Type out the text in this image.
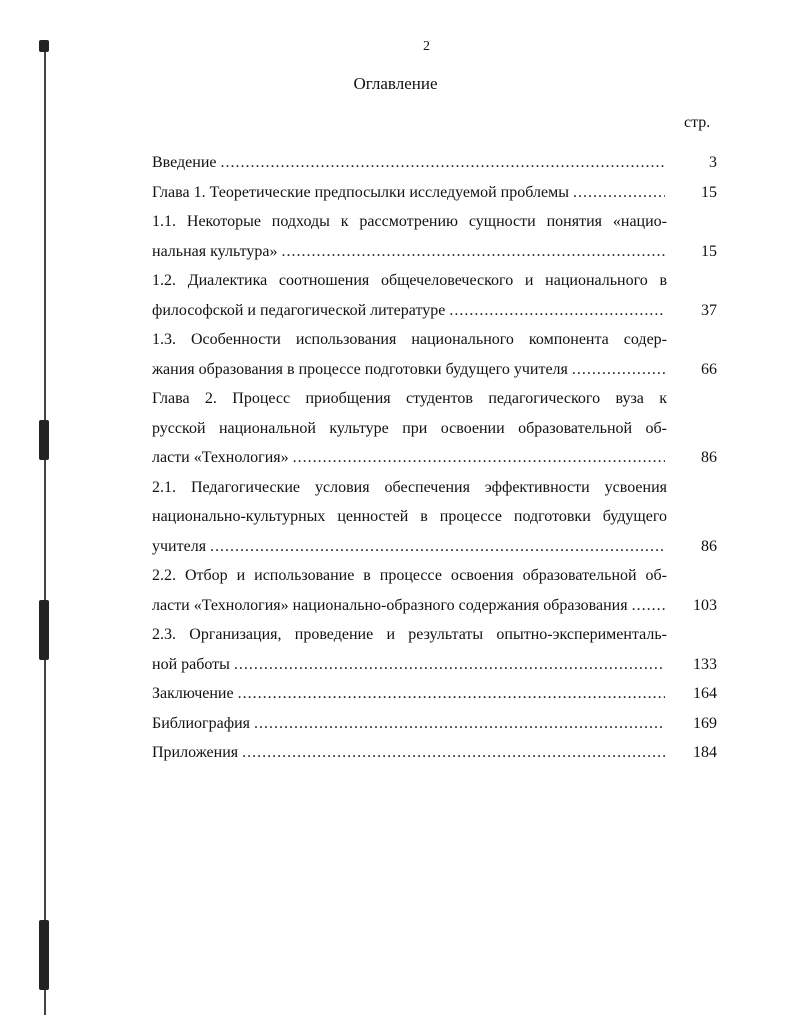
2
Оглавление
стр.
Введение .....	3
Глава 1. Теоретические предпосылки исследуемой проблемы .....	15
1.1. Некоторые подходы к рассмотрению сущности понятия «нацио-
нальная культура» .....	15
1.2. Диалектика соотношения общечеловеческого и национального в
философской и педагогической литературе .....	37
1.3. Особенности использования национального компонента содер-
жания образования в процессе подготовки будущего учителя .....	66
Глава 2. Процесс приобщения студентов педагогического вуза к
русской национальной культуре при освоении образовательной об-
ласти «Технология» .....	86
2.1. Педагогические условия обеспечения эффективности усвоения
национально-культурных ценностей в процессе подготовки будущего
учителя .....	86
2.2. Отбор и использование в процессе освоения образовательной об-
ласти «Технология» национально-образного содержания образования .....	103
2.3. Организация, проведение и результаты опытно-эксперименталь-
ной работы .....	133
Заключение .....	164
Библиография .....	169
Приложения .....	184
